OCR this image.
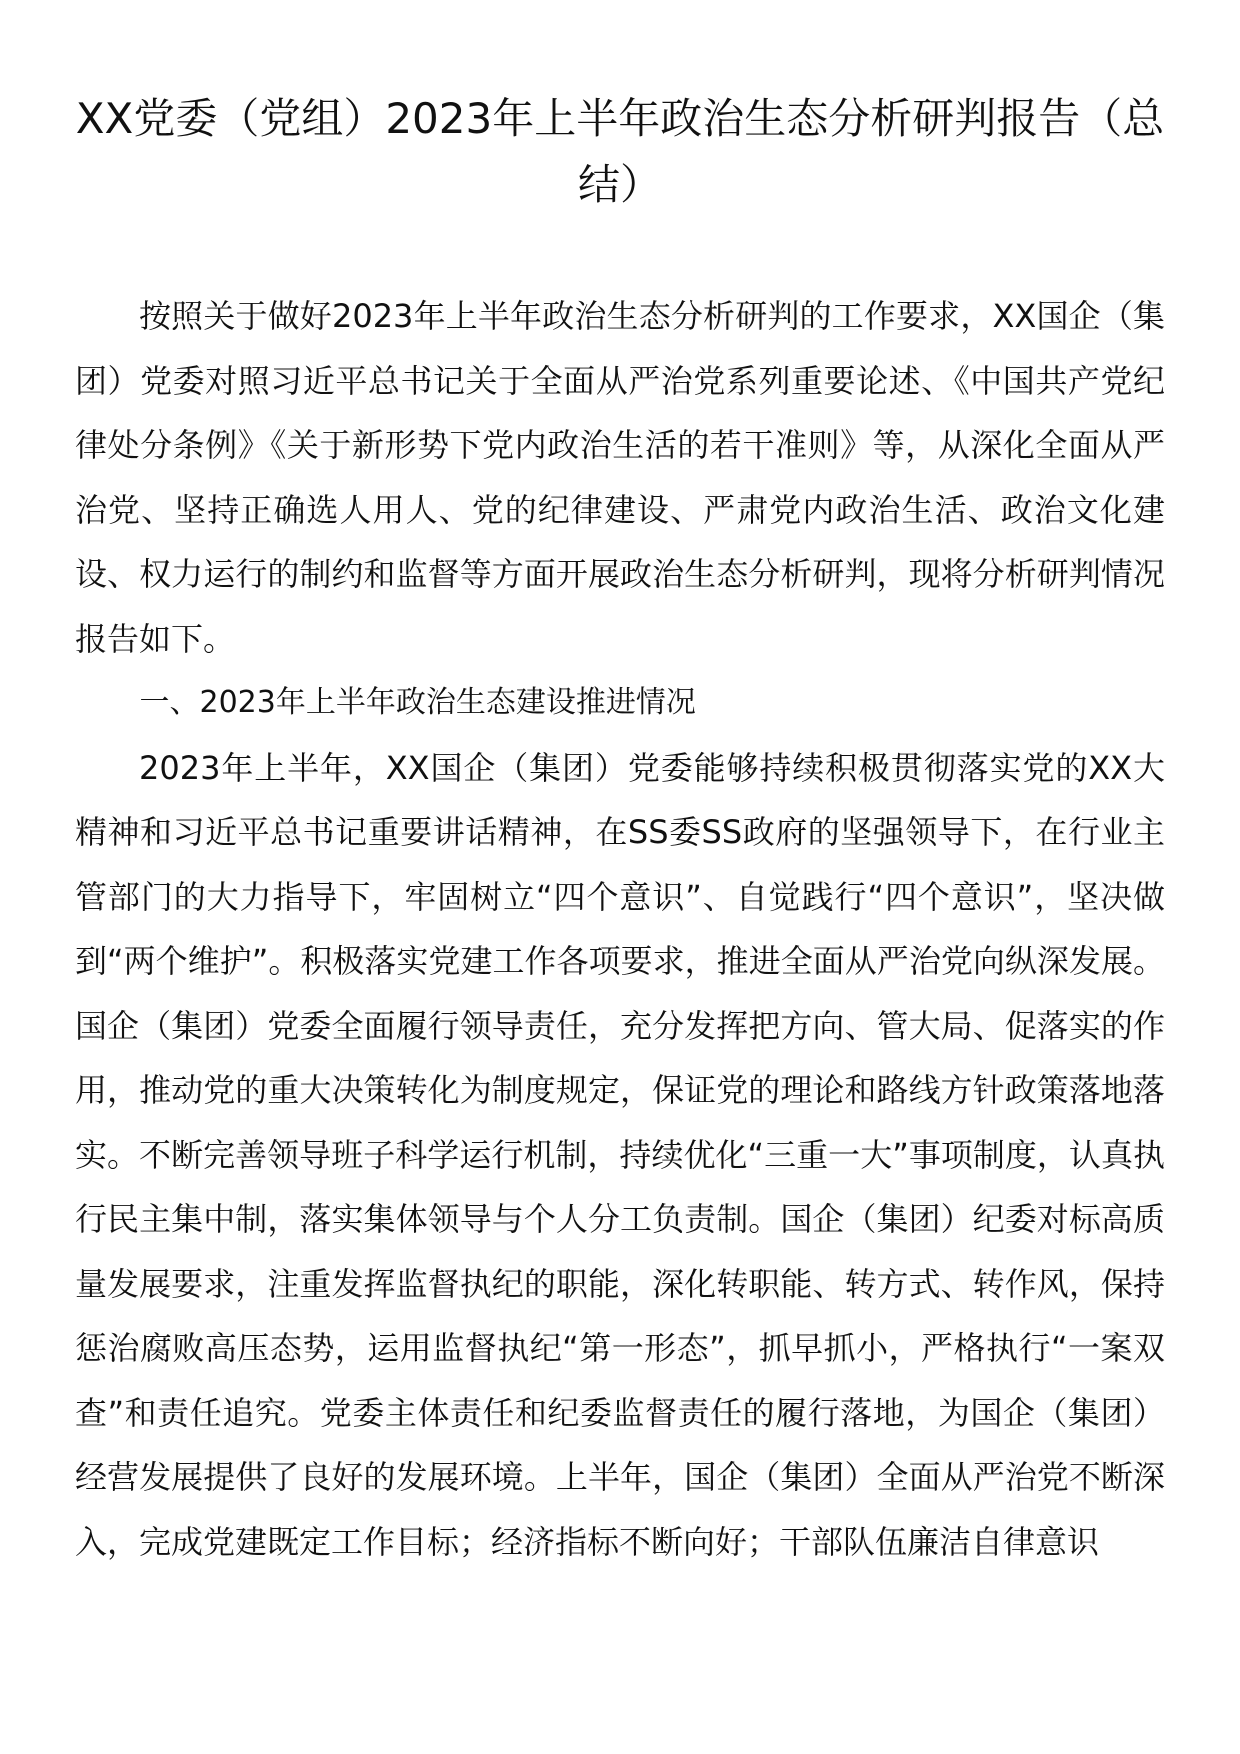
XX党委（党组）2023年上半年政治生态分析研判报告（总结）

按照关于做好2023年上半年政治生态分析研判的工作要求，XX国企（集团）党委对照习近平总书记关于全面从严治党系列重要论述、《中国共产党纪律处分条例》《关于新形势下党内政治生活的若干准则》等，从深化全面从严治党、坚持正确选人用人、党的纪律建设、严肃党内政治生活、政治文化建设、权力运行的制约和监督等方面开展政治生态分析研判，现将分析研判情况报告如下。

一、2023年上半年政治生态建设推进情况

2023年上半年，XX国企（集团）党委能够持续积极贯彻落实党的XX大精神和习近平总书记重要讲话精神，在SS委SS政府的坚强领导下，在行业主管部门的大力指导下，牢固树立“四个意识”、自觉践行“四个意识”，坚决做到“两个维护”。积极落实党建工作各项要求，推进全面从严治党向纵深发展。国企（集团）党委全面履行领导责任，充分发挥把方向、管大局、促落实的作用，推动党的重大决策转化为制度规定，保证党的理论和路线方针政策落地落实。不断完善领导班子科学运行机制，持续优化“三重一大”事项制度，认真执行民主集中制，落实集体领导与个人分工负责制。国企（集团）纪委对标高质量发展要求，注重发挥监督执纪的职能，深化转职能、转方式、转作风，保持惩治腐败高压态势，运用监督执纪“第一形态”，抓早抓小，严格执行“一案双查”和责任追究。党委主体责任和纪委监督责任的履行落地，为国企（集团）经营发展提供了良好的发展环境。上半年，国企（集团）全面从严治党不断深入，完成党建既定工作目标；经济指标不断向好；干部队伍廉洁自律意识
